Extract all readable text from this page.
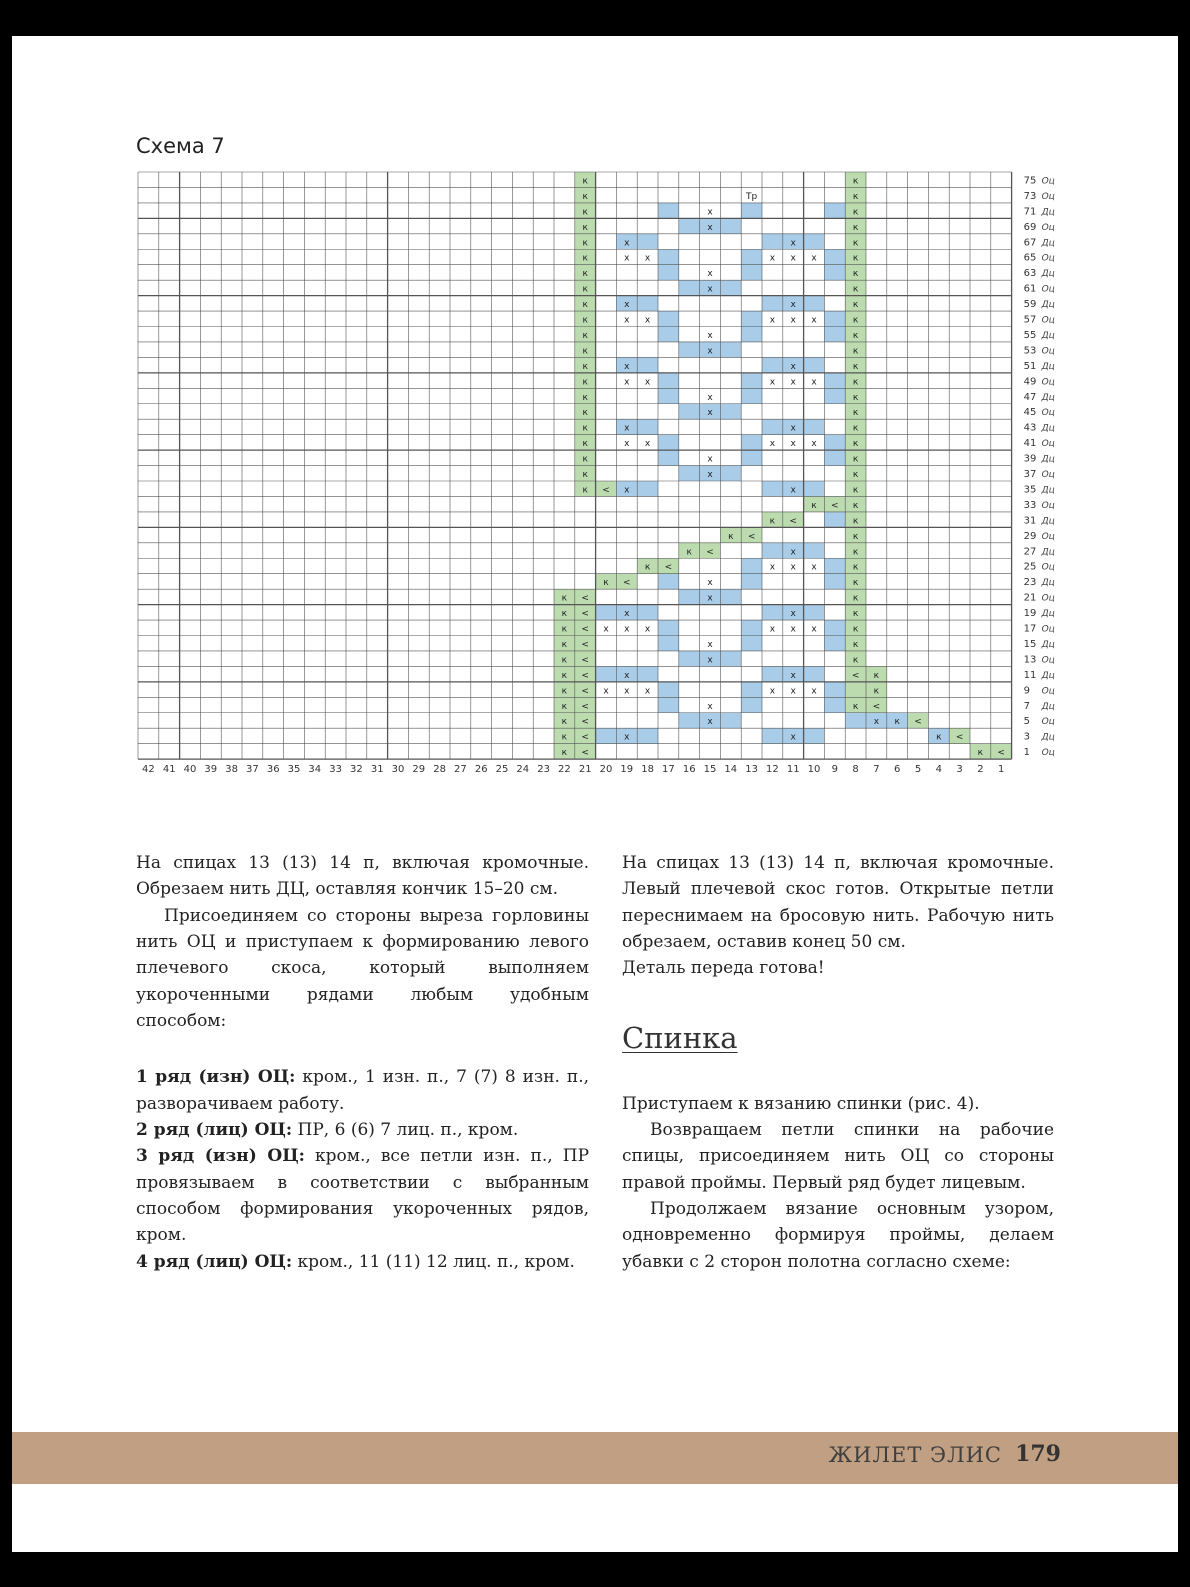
Схема 7
<
к
<
к
<
к
x
x
<
к
<
к
x
x
<
к
<
к
x
<
к
к
x
x
x
x
x
x
<
к
к
<
x
x
<
к
к
x
<
к
к
x
<
к
к
x
x
x
x
x
x
<
к
к
x
x
<
к
к
x
<
к
к
x
<
к
к
x
x
x
<
к
к
x
<
к
к
<
к
к
<
к
к
<
к
к
x
x
<
к
к
x
к
к
x
к
к
x
x
x
x
x
к
к
x
x
к
к
x
к
к
x
к
к
x
x
x
x
x
к
к
x
x
к
к
x
к
к
x
к
к
x
x
x
x
x
к
к
x
x
к
к
x
к
к
x
к
к
x
x
x
x
x
к
к
x
x
к
к
x
к
к
x
к
к
Тр
к
к
к
42 41 40 39 38 37 36 35 34 33 32 31 30 29 28 27 26 25 24 23 22 21 20 19 18 17 16 15 14 13 12 11 10 9 8 7 6 5 4 3 2 1
75 Оц
73 Оц
71 Дц
69 Оц
67 Дц
65 Оц
63 Дц
61 Оц
59 Дц
57 Оц
55 Дц
53 Оц
51 Дц
49 Оц
47 Дц
45 Оц
43 Дц
41 Оц
39 Дц
37 Оц
35 Дц
33 Оц
31 Дц
29 Оц
27 Дц
25 Оц
23 Дц
21 Оц
19 Дц
17 Оц
15 Дц
13 Оц
11 Дц
9 Оц
7 Дц
5 Оц
3 Дц
1 Оц

На спицах 13 (13) 14 п, включая кромочные. Обрезаем нить ДЦ, оставляя кончик 15–20 см.

Присоединяем со стороны выреза горловины нить ОЦ и приступаем к формированию левого плечевого скоса, который выполняем укороченными рядами любым удобным способом:

1 ряд (изн) ОЦ: кром., 1 изн. п., 7 (7) 8 изн. п., разворачиваем работу.

2 ряд (лиц) ОЦ: ПР, 6 (6) 7 лиц. п., кром.

3 ряд (изн) ОЦ: кром., все петли изн. п., ПР провязываем в соответствии с выбранным способом формирования укороченных рядов, кром.

4 ряд (лиц) ОЦ: кром., 11 (11) 12 лиц. п., кром.

На спицах 13 (13) 14 п, включая кромочные. Левый плечевой скос готов. Открытые петли переснимаем на бросовую нить. Рабочую нить обрезаем, оставив конец 50 см.

Деталь переда готова!

Спинка

Приступаем к вязанию спинки (рис. 4).

Возвращаем петли спинки на рабочие спицы, присоединяем нить ОЦ со стороны правой проймы. Первый ряд будет лицевым.

Продолжаем вязание основным узором, одновременно формируя проймы, делаем убавки с 2 сторон полотна согласно схеме:

ЖИЛЕТ ЭЛИС 179
